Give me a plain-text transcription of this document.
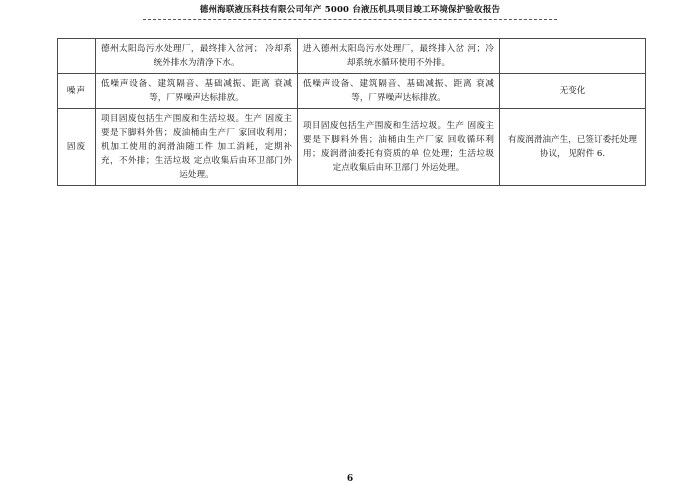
德州海联液压科技有限公司年产 5000 台液压机具项目竣工环境保护验收报告
	德州太阳岛污水处理厂，最终排入岔河； 冷却系统外排水为清净下水。	进入德州太阳岛污水处理厂，最终排入岔 河；冷却系统水循环使用不外排。	
噪声	低噪声设备、建筑隔音、基础减振、距离 衰减等，厂界噪声达标排放。	低噪声设备、建筑隔音、基础减振、距离 衰减等，厂界噪声达标排放。	无变化
固废	项目固废包括生产围废和生活垃圾。生产 固废主要是下脚料外售；废油桶由生产厂 家回收利用；机加工使用的润滑油随工件 加工消耗，定期补充，不外排；生活垃圾 定点收集后由环卫部门外运处理。	项目固废包括生产围废和生活垃圾。生产 固废主要是下脚料外售；油桶由生产厂家 回收循环利用；废润滑油委托有资质的单 位处理；生活垃圾定点收集后由环卫部门 外运处理。	有废润滑油产生，已签订委托处理协议， 见附件 6.
6
